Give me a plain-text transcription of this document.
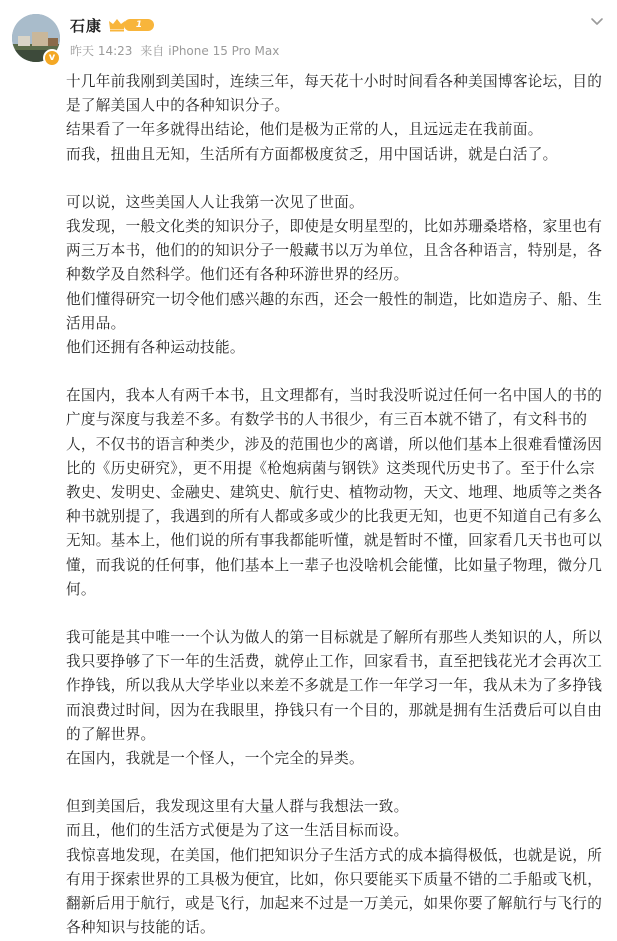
v
石康	1
昨天 14:23 来自 iPhone 15 Pro Max

十几年前我刚到美国时，连续三年，每天花十小时时间看各种美国博客论坛，目的是了解美国人中的各种知识分子。

结果看了一年多就得出结论，他们是极为正常的人，且远远走在我前面。

而我，扭曲且无知，生活所有方面都极度贫乏，用中国话讲，就是白活了。

可以说，这些美国人人让我第一次见了世面。

我发现，一般文化类的知识分子，即使是女明星型的，比如苏珊桑塔格，家里也有两三万本书，他们的的知识分子一般藏书以万为单位，且含各种语言，特别是，各种数学及自然科学。他们还有各种环游世界的经历。

他们懂得研究一切令他们感兴趣的东西，还会一般性的制造，比如造房子、船、生活用品。

他们还拥有各种运动技能。

在国内，我本人有两千本书，且文理都有，当时我没听说过任何一名中国人的书的广度与深度与我差不多。有数学书的人书很少，有三百本就不错了，有文科书的人，不仅书的语言种类少，涉及的范围也少的离谱，所以他们基本上很难看懂汤因比的《历史研究》，更不用提《枪炮病菌与钢铁》这类现代历史书了。至于什么宗教史、发明史、金融史、建筑史、航行史、植物动物，天文、地理、地质等之类各种书就别提了，我遇到的所有人都或多或少的比我更无知，也更不知道自己有多么无知。基本上，他们说的所有事我都能听懂，就是暂时不懂，回家看几天书也可以懂，而我说的任何事，他们基本上一辈子也没啥机会能懂，比如量子物理，微分几何。

我可能是其中唯一一个认为做人的第一目标就是了解所有那些人类知识的人，所以我只要挣够了下一年的生活费，就停止工作，回家看书，直至把钱花光才会再次工作挣钱，所以我从大学毕业以来差不多就是工作一年学习一年，我从未为了多挣钱而浪费过时间，因为在我眼里，挣钱只有一个目的，那就是拥有生活费后可以自由的了解世界。

在国内，我就是一个怪人，一个完全的异类。

但到美国后，我发现这里有大量人群与我想法一致。

而且，他们的生活方式便是为了这一生活目标而设。

我惊喜地发现，在美国，他们把知识分子生活方式的成本搞得极低，也就是说，所有用于探索世界的工具极为便宜，比如，你只要能买下质量不错的二手船或飞机，翻新后用于航行，或是飞行，加起来不过是一万美元，如果你要了解航行与飞行的各种知识与技能的话。
